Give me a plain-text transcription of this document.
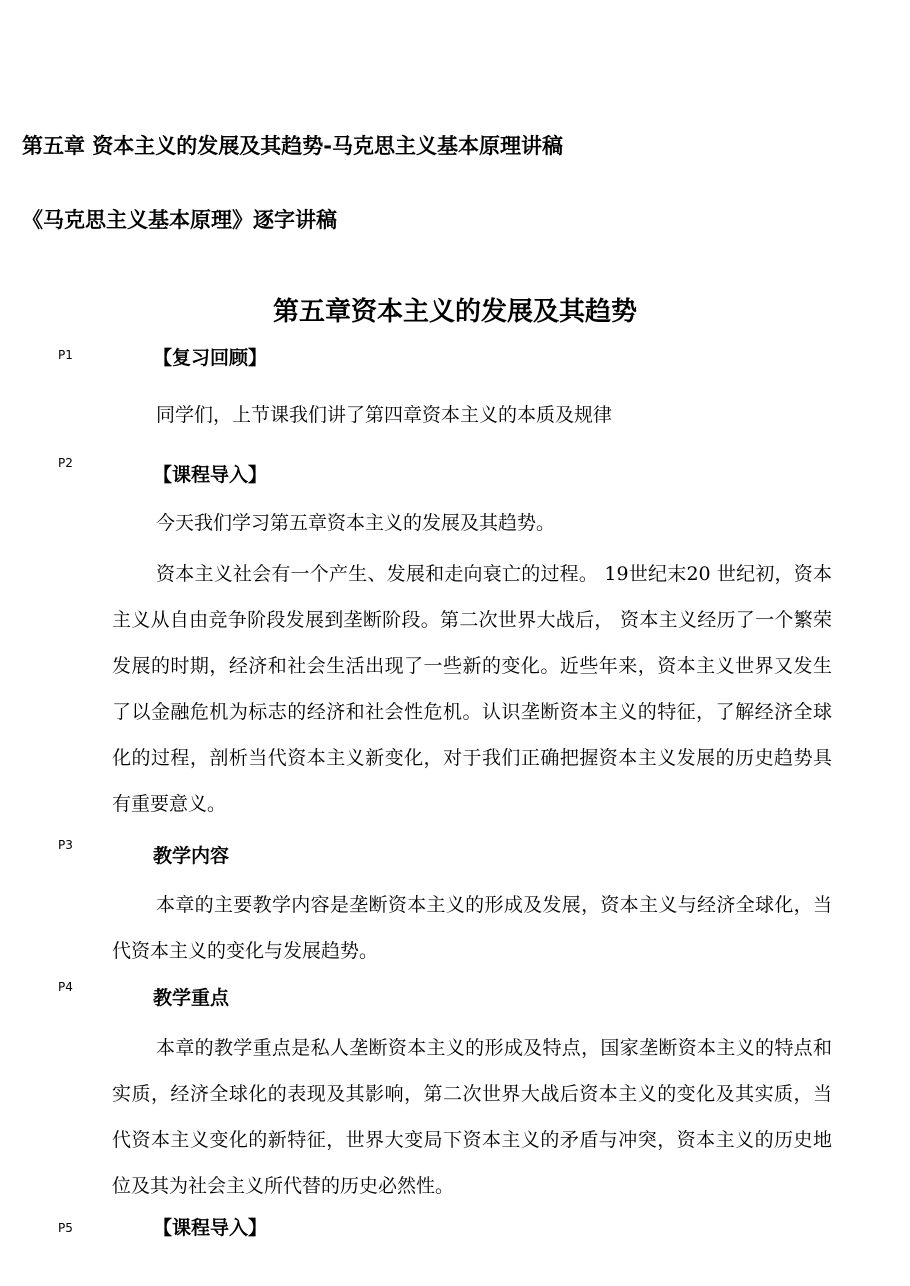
第五章 资本主义的发展及其趋势-马克思主义基本原理讲稿
《马克思主义基本原理》逐字讲稿
第五章资本主义的发展及其趋势
P1	【复习回顾】

同学们，上节课我们讲了第四章资本主义的本质及规律

P2
【课程导入】

今天我们学习第五章资本主义的发展及其趋势。

资本主义社会有一个产生、发展和走向衰亡的过程。 19世纪末20 世纪初，资本主义从自由竞争阶段发展到垄断阶段。第二次世界大战后， 资本主义经历了一个繁荣发展的时期，经济和社会生活出现了一些新的变化。近些年来，资本主义世界又发生了以金融危机为标志的经济和社会性危机。认识垄断资本主义的特征，了解经济全球化的过程，剖析当代资本主义新变化，对于我们正确把握资本主义发展的历史趋势具有重要意义。

P3	教学内容

本章的主要教学内容是垄断资本主义的形成及发展，资本主义与经济全球化，当代资本主义的变化与发展趋势。

P4	教学重点

本章的教学重点是私人垄断资本主义的形成及特点，国家垄断资本主义的特点和实质，经济全球化的表现及其影响，第二次世界大战后资本主义的变化及其实质，当代资本主义变化的新特征，世界大变局下资本主义的矛盾与冲突，资本主义的历史地位及其为社会主义所代替的历史必然性。

P5	【课程导入】
